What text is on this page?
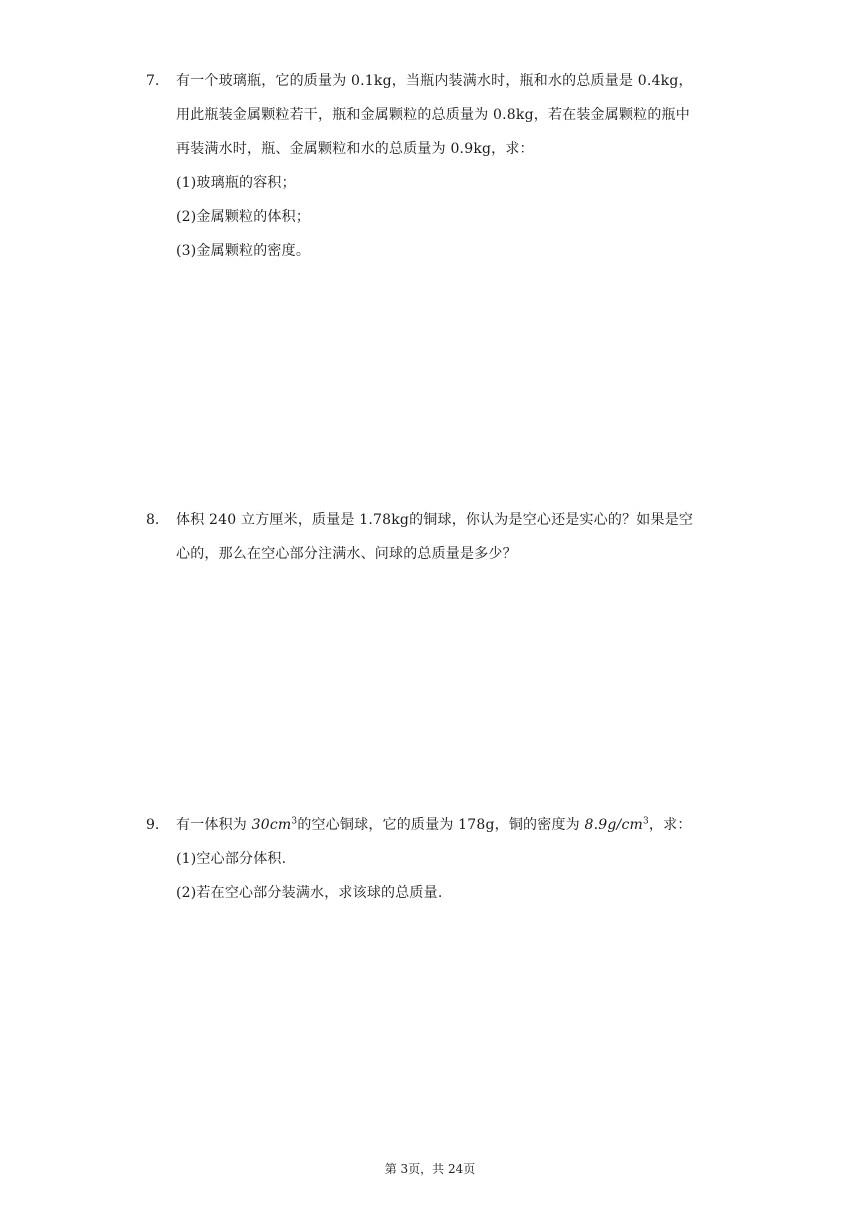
7. 有一个玻璃瓶，它的质量为 0.1kg，当瓶内装满水时，瓶和水的总质量是 0.4kg，
用此瓶装金属颗粒若干，瓶和金属颗粒的总质量为 0.8kg，若在装金属颗粒的瓶中
再装满水时，瓶、金属颗粒和水的总质量为 0.9kg，求：
(1)玻璃瓶的容积；
(2)金属颗粒的体积；
(3)金属颗粒的密度。
8. 体积 240 立方厘米，质量是 1.78kg的铜球，你认为是空心还是实心的？如果是空
心的，那么在空心部分注满水、问球的总质量是多少？
9. 有一体积为 $30cm^3$的空心铜球，它的质量为 178g，铜的密度为 $8.9g/cm^3$，求：
(1)空心部分体积.
(2)若在空心部分装满水，求该球的总质量.
第 3页，共 24页
